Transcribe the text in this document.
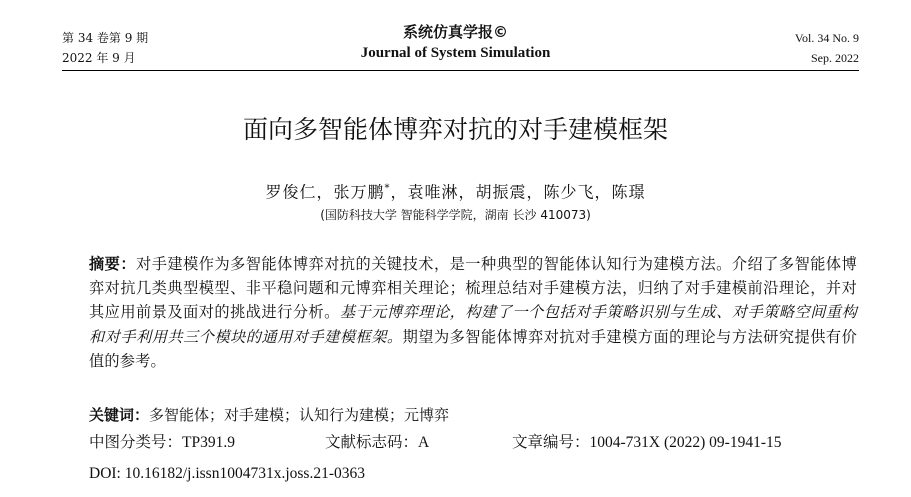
第 34 卷第 9 期
2022 年 9 月
系统仿真学报©
Journal of System Simulation
Vol. 34 No. 9
Sep. 2022
面向多智能体博弈对抗的对手建模框架
罗俊仁，张万鹏*，袁唯淋，胡振震，陈少飞，陈璟
(国防科技大学 智能科学学院，湖南 长沙 410073)
摘要：对手建模作为多智能体博弈对抗的关键技术，是一种典型的智能体认知行为建模方法。介绍了多智能体博弈对抗几类典型模型、非平稳问题和元博弈相关理论；梳理总结对手建模方法，归纳了对手建模前沿理论，并对其应用前景及面对的挑战进行分析。基于元博弈理论，构建了一个包括对手策略识别与生成、对手策略空间重构和对手利用共三个模块的通用对手建模框架。期望为多智能体博弈对抗对手建模方面的理论与方法研究提供有价值的参考。
关键词：多智能体；对手建模；认知行为建模；元博弈
中图分类号：TP391.9	文献标志码：A	文章编号：1004-731X (2022) 09-1941-15
DOI: 10.16182/j.issn1004731x.joss.21-0363
